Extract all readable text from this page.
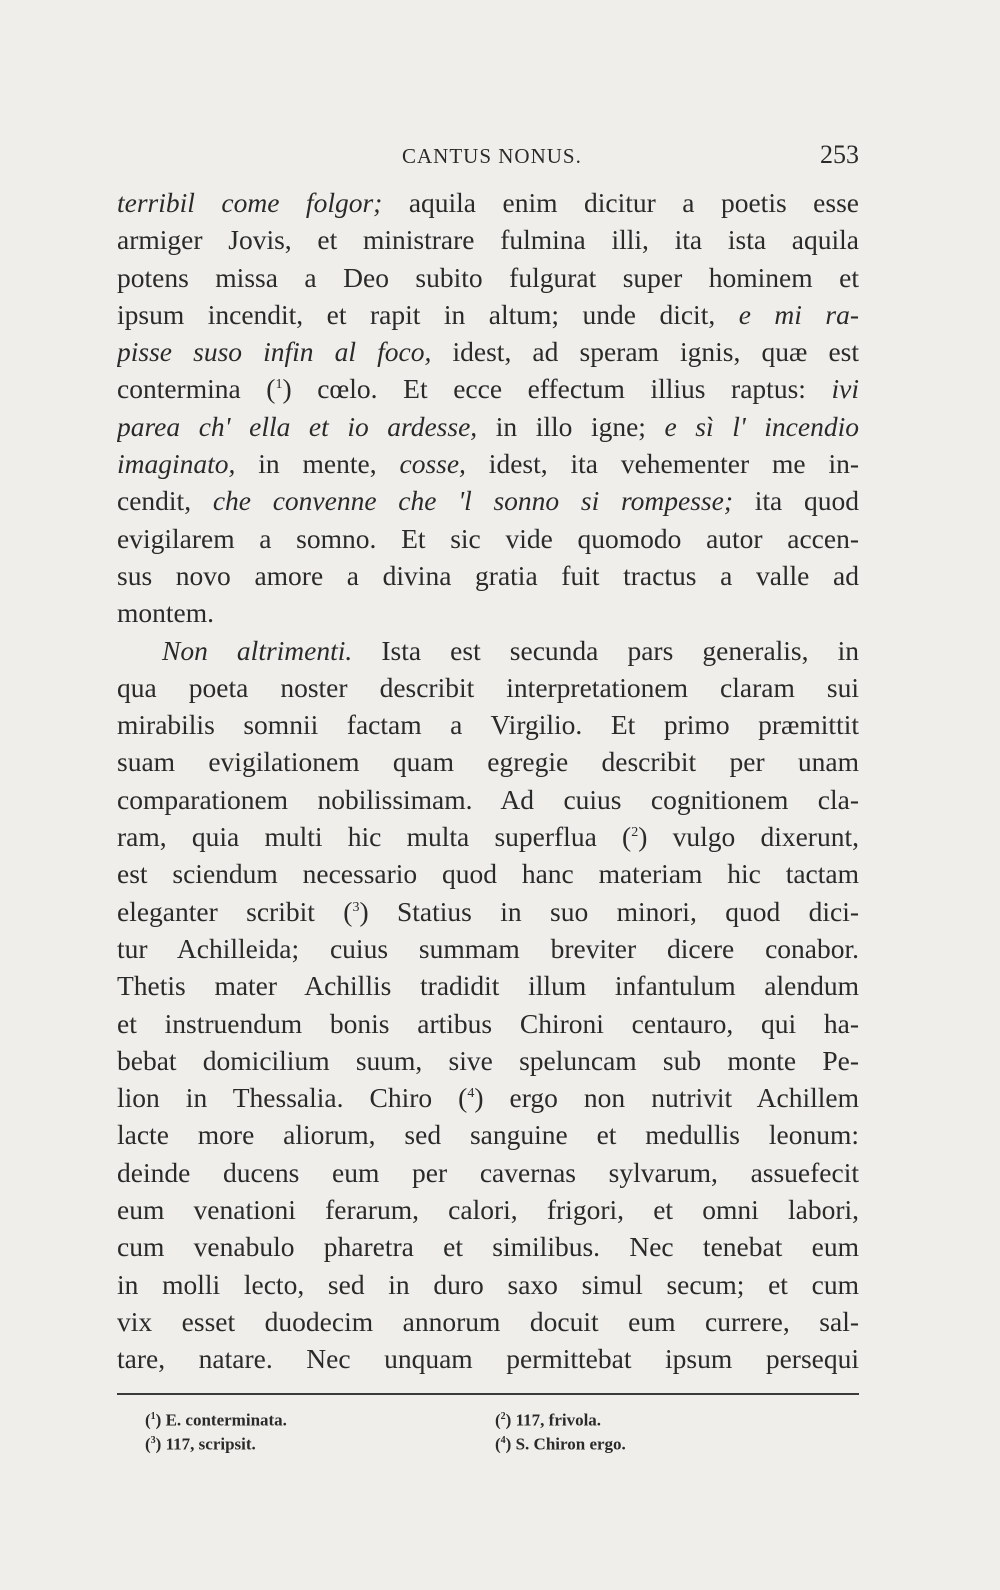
CANTUS NONUS.	253
terribil come folgor; aquila enim dicitur a poetis esse
armiger Jovis, et ministrare fulmina illi, ita ista aquila
potens missa a Deo subito fulgurat super hominem et
ipsum incendit, et rapit in altum; unde dicit, e mi ra-
pisse suso infin al foco, idest, ad speram ignis, quæ est
contermina ($^1$) cœlo. Et ecce effectum illius raptus: ivi
parea ch' ella et io ardesse, in illo igne; e sì l' incendio
imaginato, in mente, cosse, idest, ita vehementer me in-
cendit, che convenne che 'l sonno si rompesse; ita quod
evigilarem a somno. Et sic vide quomodo autor accen-
sus novo amore a divina gratia fuit tractus a valle ad
montem.
Non altrimenti. Ista est secunda pars generalis, in
qua poeta noster describit interpretationem claram sui
mirabilis somnii factam a Virgilio. Et primo præmittit
suam evigilationem quam egregie describit per unam
comparationem nobilissimam. Ad cuius cognitionem cla-
ram, quia multi hic multa superflua ($^2$) vulgo dixerunt,
est sciendum necessario quod hanc materiam hic tactam
eleganter scribit ($^3$) Statius in suo minori, quod dici-
tur Achilleida; cuius summam breviter dicere conabor.
Thetis mater Achillis tradidit illum infantulum alendum
et instruendum bonis artibus Chironi centauro, qui ha-
bebat domicilium suum, sive speluncam sub monte Pe-
lion in Thessalia. Chiro ($^4$) ergo non nutrivit Achillem
lacte more aliorum, sed sanguine et medullis leonum:
deinde ducens eum per cavernas sylvarum, assuefecit
eum venationi ferarum, calori, frigori, et omni labori,
cum venabulo pharetra et similibus. Nec tenebat eum
in molli lecto, sed in duro saxo simul secum; et cum
vix esset duodecim annorum docuit eum currere, sal-
tare, natare. Nec unquam permittebat ipsum persequi
($^1$) E. conterminata.	($^2$) 117, frivola.
($^3$) 117, scripsit.	($^4$) S. Chiron ergo.
